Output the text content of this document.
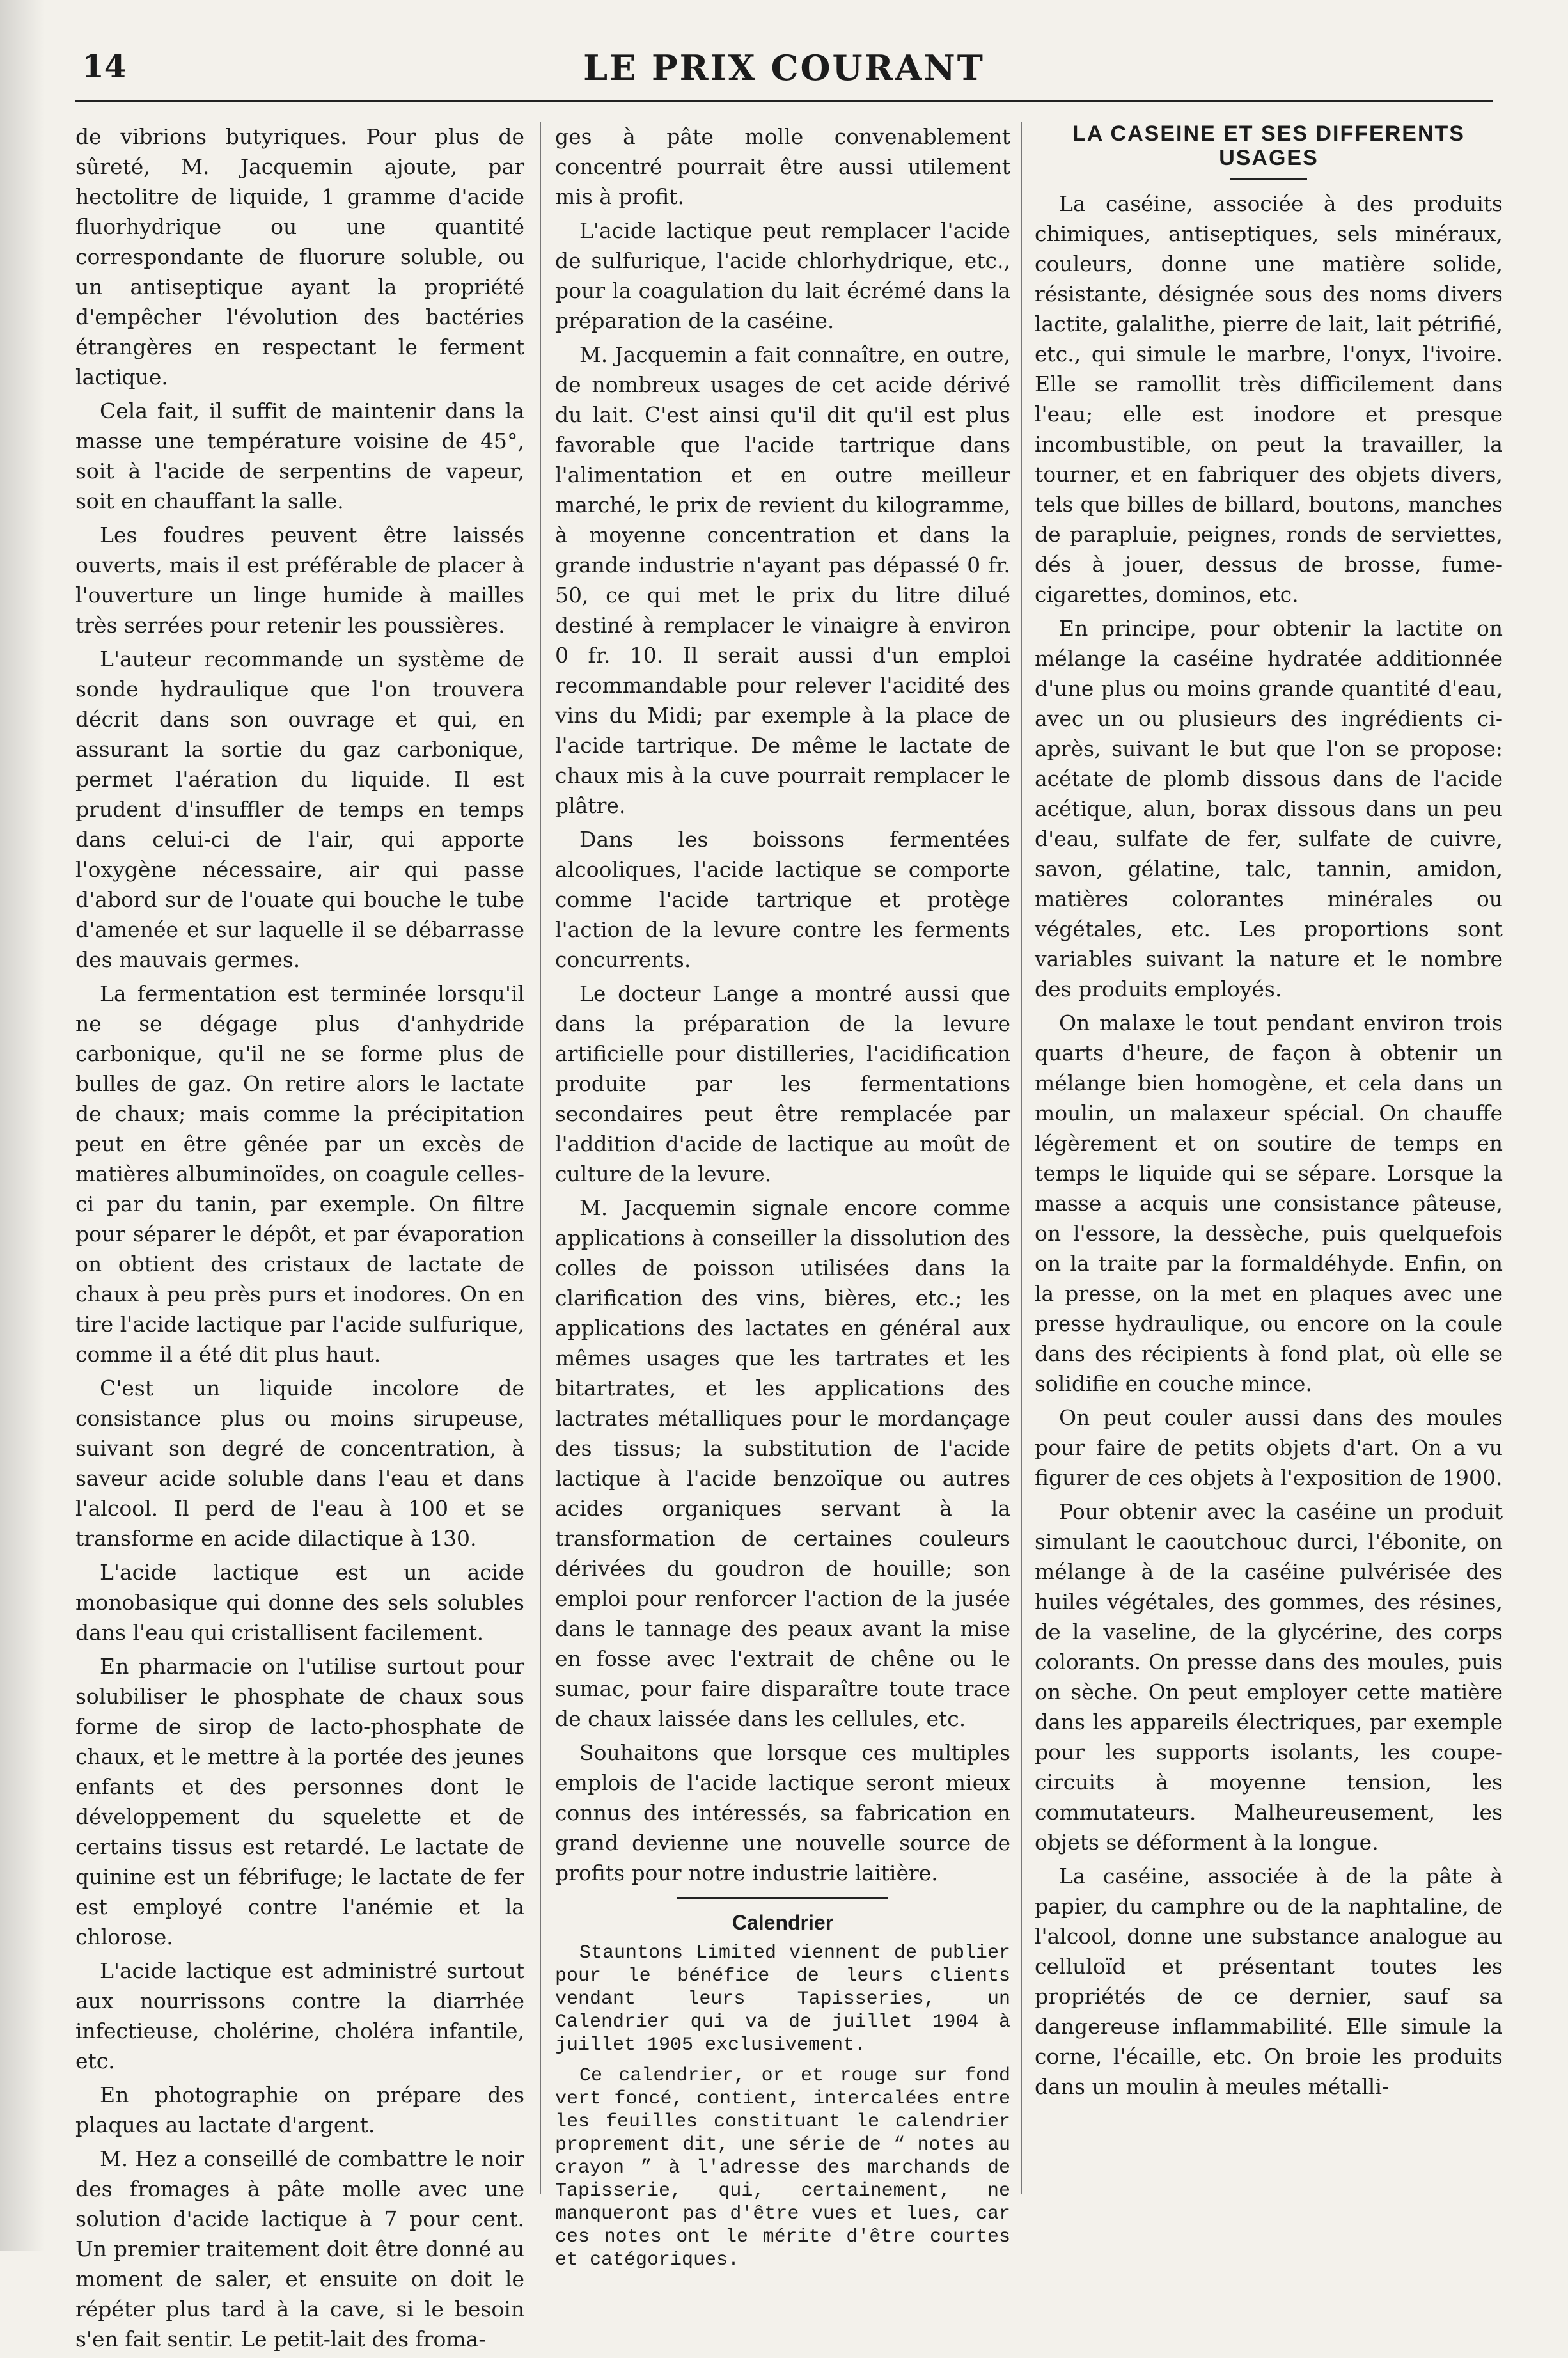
14	LE PRIX COURANT

de vibrions butyriques. Pour plus de sûreté, M. Jacquemin ajoute, par hectolitre de liquide, 1 gramme d'acide fluorhydrique ou une quantité correspondante de fluorure soluble, ou un antiseptique ayant la propriété d'empêcher l'évolution des bactéries étrangères en respectant le ferment lactique.

Cela fait, il suffit de maintenir dans la masse une température voisine de 45°, soit à l'acide de serpentins de vapeur, soit en chauffant la salle.

Les foudres peuvent être laissés ouverts, mais il est préférable de placer à l'ouverture un linge humide à mailles très serrées pour retenir les poussières.

L'auteur recommande un système de sonde hydraulique que l'on trouvera décrit dans son ouvrage et qui, en assurant la sortie du gaz carbonique, permet l'aération du liquide. Il est prudent d'insuffler de temps en temps dans celui-ci de l'air, qui apporte l'oxygène nécessaire, air qui passe d'abord sur de l'ouate qui bouche le tube d'amenée et sur laquelle il se débarrasse des mauvais germes.

La fermentation est terminée lorsqu'il ne se dégage plus d'anhydride carbonique, qu'il ne se forme plus de bulles de gaz. On retire alors le lactate de chaux; mais comme la précipitation peut en être gênée par un excès de matières albuminoïdes, on coagule celles-ci par du tanin, par exemple. On filtre pour séparer le dépôt, et par évaporation on obtient des cristaux de lactate de chaux à peu près purs et inodores. On en tire l'acide lactique par l'acide sulfurique, comme il a été dit plus haut.

C'est un liquide incolore de consistance plus ou moins sirupeuse, suivant son degré de concentration, à saveur acide soluble dans l'eau et dans l'alcool. Il perd de l'eau à 100 et se transforme en acide dilactique à 130.

L'acide lactique est un acide monobasique qui donne des sels solubles dans l'eau qui cristallisent facilement.

En pharmacie on l'utilise surtout pour solubiliser le phosphate de chaux sous forme de sirop de lacto-phosphate de chaux, et le mettre à la portée des jeunes enfants et des personnes dont le développement du squelette et de certains tissus est retardé. Le lactate de quinine est un fébrifuge; le lactate de fer est employé contre l'anémie et la chlorose.

L'acide lactique est administré surtout aux nourrissons contre la diarrhée infectieuse, cholérine, choléra infantile, etc.

En photographie on prépare des plaques au lactate d'argent.

M. Hez a conseillé de combattre le noir des fromages à pâte molle avec une solution d'acide lactique à 7 pour cent. Un premier traitement doit être donné au moment de saler, et ensuite on doit le répéter plus tard à la cave, si le besoin s'en fait sentir. Le petit-lait des froma-

ges à pâte molle convenablement concentré pourrait être aussi utilement mis à profit.

L'acide lactique peut remplacer l'acide de sulfurique, l'acide chlorhydrique, etc., pour la coagulation du lait écrémé dans la préparation de la caséine.

M. Jacquemin a fait connaître, en outre, de nombreux usages de cet acide dérivé du lait. C'est ainsi qu'il dit qu'il est plus favorable que l'acide tartrique dans l'alimentation et en outre meilleur marché, le prix de revient du kilogramme, à moyenne concentration et dans la grande industrie n'ayant pas dépassé 0 fr. 50, ce qui met le prix du litre dilué destiné à remplacer le vinaigre à environ 0 fr. 10. Il serait aussi d'un emploi recommandable pour relever l'acidité des vins du Midi; par exemple à la place de l'acide tartrique. De même le lactate de chaux mis à la cuve pourrait remplacer le plâtre.

Dans les boissons fermentées alcooliques, l'acide lactique se comporte comme l'acide tartrique et protège l'action de la levure contre les ferments concurrents.

Le docteur Lange a montré aussi que dans la préparation de la levure artificielle pour distilleries, l'acidification produite par les fermentations secondaires peut être remplacée par l'addition d'acide de lactique au moût de culture de la levure.

M. Jacquemin signale encore comme applications à conseiller la dissolution des colles de poisson utilisées dans la clarification des vins, bières, etc.; les applications des lactates en général aux mêmes usages que les tartrates et les bitartrates, et les applications des lactrates métalliques pour le mordançage des tissus; la substitution de l'acide lactique à l'acide benzoïque ou autres acides organiques servant à la transformation de certaines couleurs dérivées du goudron de houille; son emploi pour renforcer l'action de la jusée dans le tannage des peaux avant la mise en fosse avec l'extrait de chêne ou le sumac, pour faire disparaître toute trace de chaux laissée dans les cellules, etc.

Souhaitons que lorsque ces multiples emplois de l'acide lactique seront mieux connus des intéressés, sa fabrication en grand devienne une nouvelle source de profits pour notre industrie laitière.

Calendrier

Stauntons Limited viennent de publier pour le bénéfice de leurs clients vendant leurs Tapisseries, un Calendrier qui va de juillet 1904 à juillet 1905 exclusivement.

Ce calendrier, or et rouge sur fond vert foncé, contient, intercalées entre les feuilles constituant le calendrier proprement dit, une série de “ notes au crayon ” à l'adresse des marchands de Tapisserie, qui, certainement, ne manqueront pas d'être vues et lues, car ces notes ont le mérite d'être courtes et catégoriques.

LA CASEINE ET SES DIFFERENTS USAGES

La caséine, associée à des produits chimiques, antiseptiques, sels minéraux, couleurs, donne une matière solide, résistante, désignée sous des noms divers lactite, galalithe, pierre de lait, lait pétrifié, etc., qui simule le marbre, l'onyx, l'ivoire. Elle se ramollit très difficilement dans l'eau; elle est inodore et presque incombustible, on peut la travailler, la tourner, et en fabriquer des objets divers, tels que billes de billard, boutons, manches de parapluie, peignes, ronds de serviettes, dés à jouer, dessus de brosse, fume-cigarettes, dominos, etc.

En principe, pour obtenir la lactite on mélange la caséine hydratée additionnée d'une plus ou moins grande quantité d'eau, avec un ou plusieurs des ingrédients ci-après, suivant le but que l'on se propose: acétate de plomb dissous dans de l'acide acétique, alun, borax dissous dans un peu d'eau, sulfate de fer, sulfate de cuivre, savon, gélatine, talc, tannin, amidon, matières colorantes minérales ou végétales, etc. Les proportions sont variables suivant la nature et le nombre des produits employés.

On malaxe le tout pendant environ trois quarts d'heure, de façon à obtenir un mélange bien homogène, et cela dans un moulin, un malaxeur spécial. On chauffe légèrement et on soutire de temps en temps le liquide qui se sépare. Lorsque la masse a acquis une consistance pâteuse, on l'essore, la dessèche, puis quelquefois on la traite par la formaldéhyde. Enfin, on la presse, on la met en plaques avec une presse hydraulique, ou encore on la coule dans des récipients à fond plat, où elle se solidifie en couche mince.

On peut couler aussi dans des moules pour faire de petits objets d'art. On a vu figurer de ces objets à l'exposition de 1900.

Pour obtenir avec la caséine un produit simulant le caoutchouc durci, l'ébonite, on mélange à de la caséine pulvérisée des huiles végétales, des gommes, des résines, de la vaseline, de la glycérine, des corps colorants. On presse dans des moules, puis on sèche. On peut employer cette matière dans les appareils électriques, par exemple pour les supports isolants, les coupe-circuits à moyenne tension, les commutateurs. Malheureusement, les objets se déforment à la longue.

La caséine, associée à de la pâte à papier, du camphre ou de la naphtaline, de l'alcool, donne une substance analogue au celluloïd et présentant toutes les propriétés de ce dernier, sauf sa dangereuse inflammabilité. Elle simule la corne, l'écaille, etc. On broie les produits dans un moulin à meules métalli-
